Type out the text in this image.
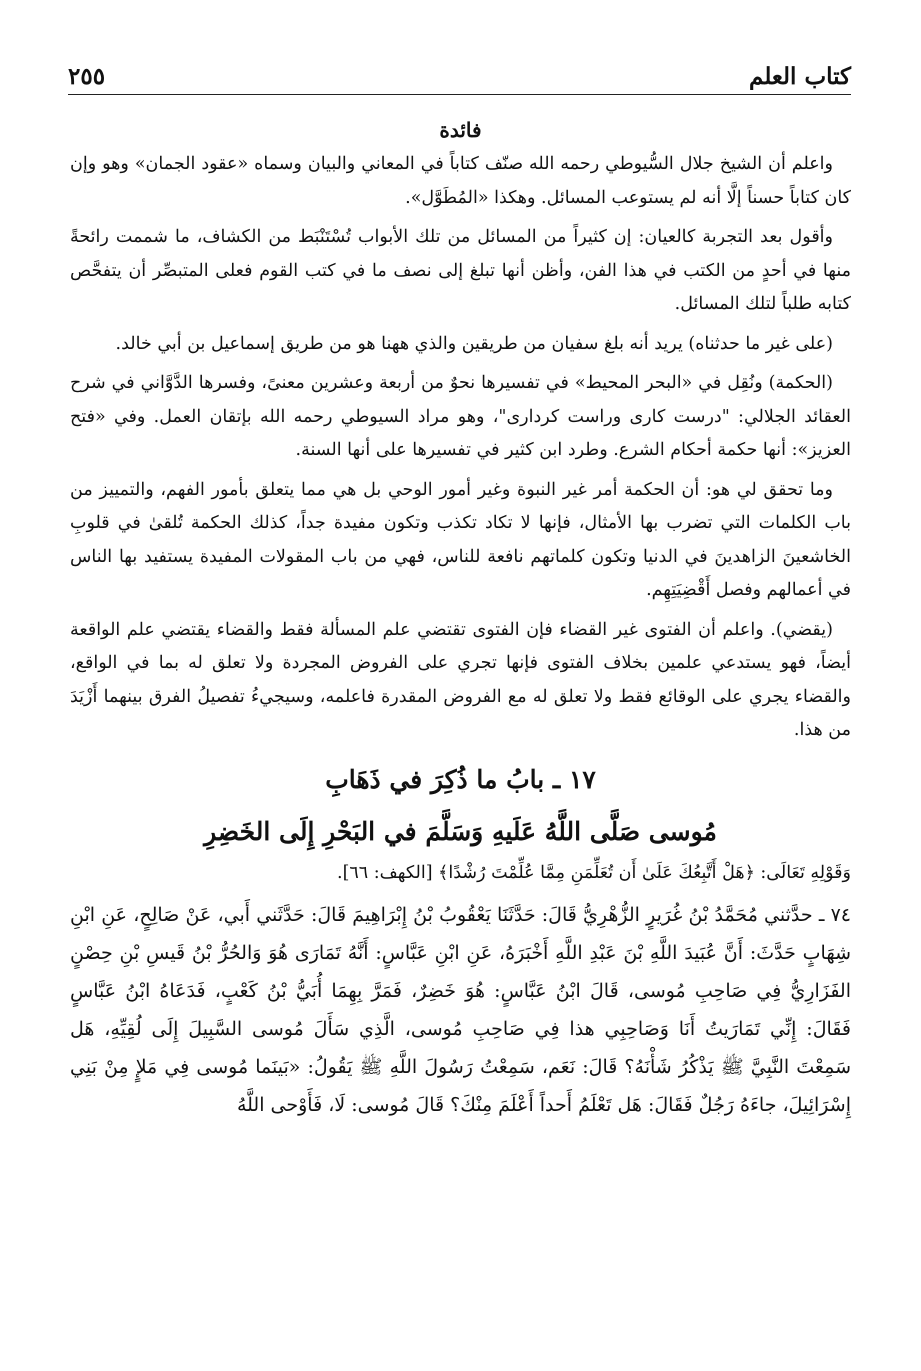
كتاب العلم
٢٥٥
فائدة

واعلم أن الشيخ جلال السُّيوطي رحمه الله صنّف كتاباً في المعاني والبيان وسماه «عقود الجمان» وهو وإن كان كتاباً حسناً إلَّا أنه لم يستوعب المسائل. وهكذا «المُطَوَّل».

وأقول بعد التجربة كالعيان: إن كثيراً من المسائل من تلك الأبواب تُسْتَنْبَط من الكشاف، ما شممت رائحةً منها في أحدٍ من الكتب في هذا الفن، وأظن أنها تبلغ إلى نصف ما في كتب القوم فعلى المتبصِّر أن يتفحَّص كتابه طلباً لتلك المسائل.

(على غير ما حدثناه) يريد أنه بلغ سفيان من طريقين والذي ههنا هو من طريق إسماعيل بن أبي خالد.

(الحكمة) ونُقِل في «البحر المحيط» في تفسيرها نحوٌ من أربعة وعشرين معنىً، وفسرها الدَّوَّاني في شرح العقائد الجلالي: "درست كارى وراست كردارى"، وهو مراد السيوطي رحمه الله بإتقان العمل. وفي «فتح العزيز»: أنها حكمة أحكام الشرع. وطرد ابن كثير في تفسيرها على أنها السنة.

وما تحقق لي هو: أن الحكمة أمر غير النبوة وغير أمور الوحي بل هي مما يتعلق بأمور الفهم، والتمييز من باب الكلمات التي تضرب بها الأمثال، فإنها لا تكاد تكذب وتكون مفيدة جداً، كذلك الحكمة تُلقىٰ في قلوبِ الخاشعينَ الزاهدينَ في الدنيا وتكون كلماتهم نافعة للناس، فهي من باب المقولات المفيدة يستفيد بها الناس في أعمالهم وفصل أَقْضِيَتِهِم.

(يقضي). واعلم أن الفتوى غير القضاء فإن الفتوى تقتضي علم المسألة فقط والقضاء يقتضي علم الواقعة أيضاً، فهو يستدعي علمين بخلاف الفتوى فإنها تجري على الفروض المجردة ولا تعلق له بما في الواقع، والقضاء يجري على الوقائع فقط ولا تعلق له مع الفروض المقدرة فاعلمه، وسيجيءُ تفصيلُ الفرق بينهما أَزْيَدَ من هذا.

١٧ ـ بابُ ما ذُكِرَ في ذَهَابِ
مُوسى صَلَّى اللَّهُ عَلَيهِ وَسَلَّمَ في البَحْرِ إِلَى الخَضِرِ

وَقَوْلِهِ تَعَالَى: ﴿هَلْ أَتَّبِعُكَ عَلَىٰ أَن تُعَلِّمَنِ مِمَّا عُلِّمْتَ رُشْدًا﴾ [الكهف: ٦٦].

٧٤ ـ حدَّثني مُحَمَّدُ بْنُ غُرَيرٍ الزُّهْرِيُّ قَالَ: حَدَّثَنَا يَعْقُوبُ بْنُ إِبْرَاهِيمَ قَالَ: حَدَّثَني أَبي، عَنْ صَالِحٍ، عَنِ ابْنِ شِهَابٍ حَدَّثَ: أَنَّ عُبَيدَ اللَّهِ بْنَ عَبْدِ اللَّهِ أَخْبَرَهُ، عَنِ ابْنِ عَبَّاسٍ: أَنَّهُ تَمَارَى هُوَ وَالحُرُّ بْنُ قَيسِ بْنِ حِصْنٍ الفَزَارِيُّ فِي صَاحِبِ مُوسى، قَالَ ابْنُ عَبَّاسٍ: هُوَ خَضِرٌ، فَمَرَّ بِهِمَا أُبَيُّ بْنُ كَعْبٍ، فَدَعَاهُ ابْنُ عَبَّاسٍ فَقَالَ: إِنِّي تَمَارَيتُ أَنَا وَصَاحِبِي هذا فِي صَاحِبِ مُوسى، الَّذِي سَأَلَ مُوسى السَّبِيلَ إِلَى لُقِيِّهِ، هَل سَمِعْتَ النَّبِيَّ ﷺ يَذْكُرُ شَأْنَهُ؟ قَالَ: نَعَم، سَمِعْتُ رَسُولَ اللَّهِ ﷺ يَقُولُ: «بَينَما مُوسى فِي مَلإٍ مِنْ بَنِي إِسْرَائِيلَ، جاءَهُ رَجُلٌ فَقَالَ: هَل تَعْلَمُ أَحداً أَعْلَمَ مِنْكَ؟ قَالَ مُوسى: لَا، فَأَوْحى اللَّهُ
